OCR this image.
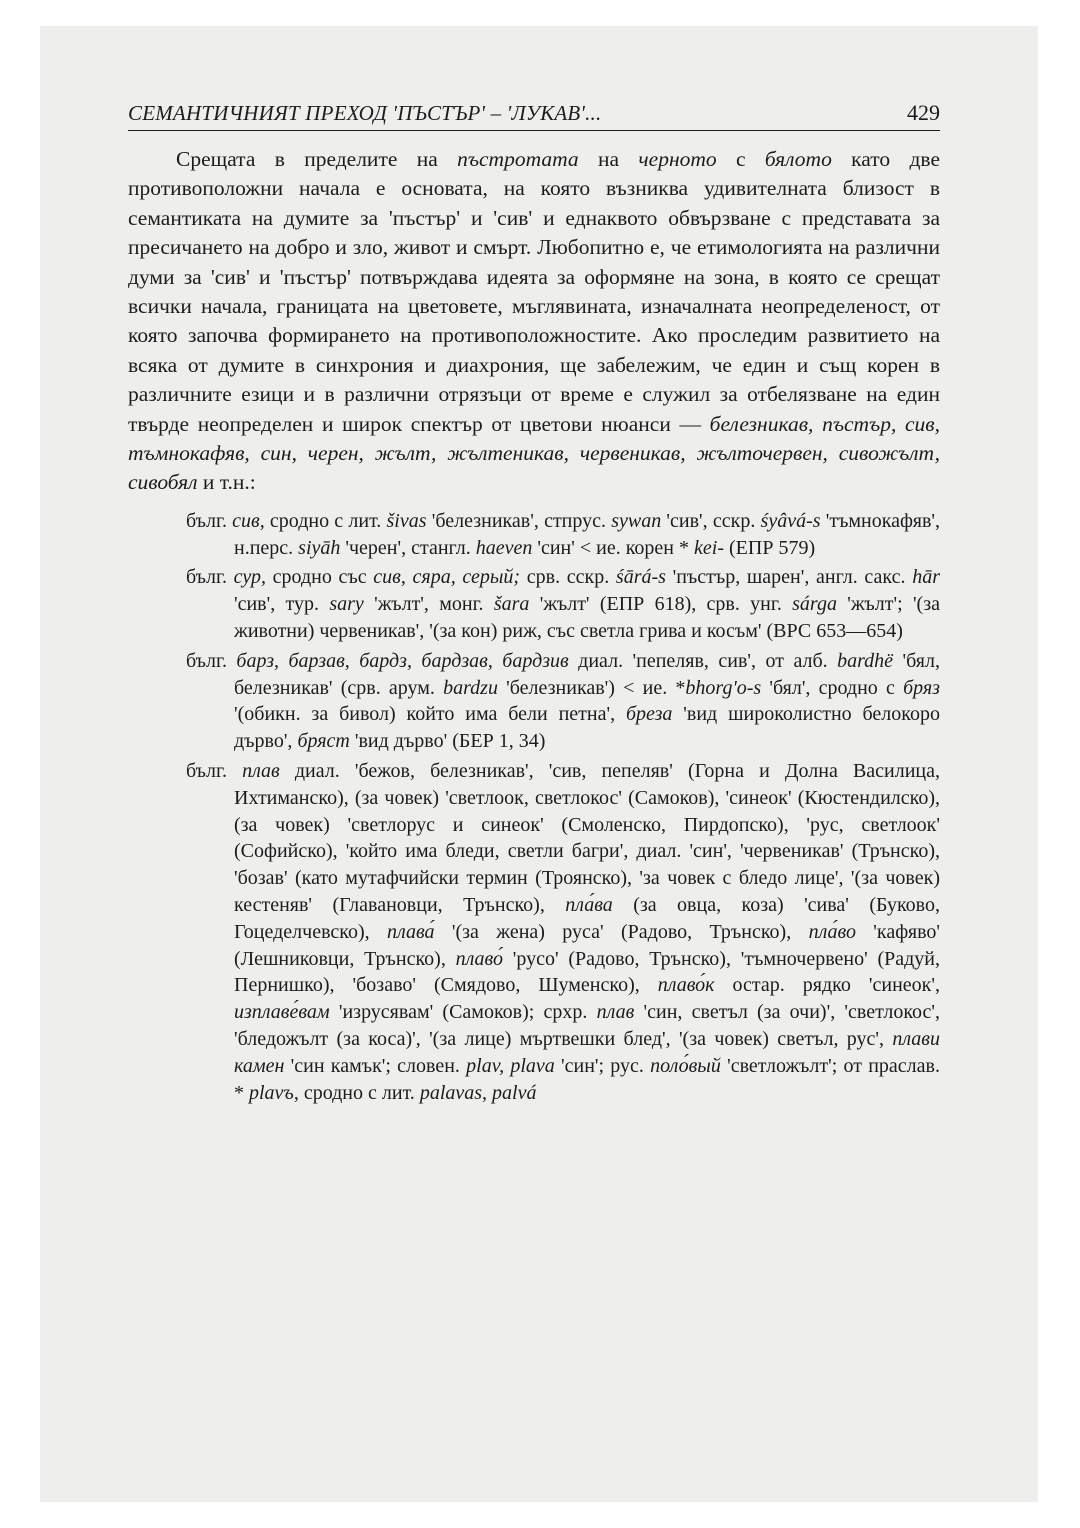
СЕМАНТИЧНИЯТ ПРЕХОД 'ПЪСТЪР' – 'ЛУКАВ'...	429

Срещата в пределите на пъстротата на черното с бялото като две противоположни начала е основата, на която възниква удивителната близост в семантиката на думите за 'пъстър' и 'сив' и еднаквото обвързване с представата за пресичането на добро и зло, живот и смърт. Любопитно е, че етимологията на различни думи за 'сив' и 'пъстър' потвърждава идеята за оформяне на зона, в която се срещат всички начала, границата на цветовете, мъглявината, изначалната неопределеност, от която започва формирането на противоположностите. Ако проследим развитието на всяка от думите в синхрония и диахрония, ще забележим, че един и същ корен в различните езици и в различни отрязъци от време е служил за отбелязване на един твърде неопределен и широк спектър от цветови нюанси — белезникав, пъстър, сив, тъмнокафяв, син, черен, жълт, жълтеникав, червеникав, жълточервен, сивожълт, сивобял и т.н.:

бълг. сив, сродно с лит. šivas 'белезникав', стпрус. sywan 'сив', сскр. śyâvá-s 'тъмнокафяв', н.перс. siyāh 'черен', стангл. haeven 'син' < ие. корен * kei- (ЕПР 579)

бълг. сур, сродно със сив, сяра, серый; срв. сскр. śārá-s 'пъстър, шарен', англ. сакс. hār 'сив', тур. sary 'жълт', монг. šara 'жълт' (ЕПР 618), срв. унг. sárga 'жълт'; '(за животни) червеникав', '(за кон) риж, със светла грива и косъм' (ВРС 653—654)

бълг. барз, барзав, бардз, бардзав, бардзив диал. 'пепеляв, сив', от алб. bardhë 'бял, белезникав' (срв. арум. bardzu 'белезникав') < ие. *bhorg'o-s 'бял', сродно с бряз '(обикн. за бивол) който има бели петна', бреза 'вид широколистно белокоро дърво', бряст 'вид дърво' (БЕР 1, 34)

бълг. плав диал. 'бежов, белезникав', 'сив, пепеляв' (Горна и Долна Василица, Ихтиманско), (за човек) 'светлоок, светлокос' (Самоков), 'синеок' (Кюстендилско), (за човек) 'светлорус и синеок' (Смоленско, Пирдопско), 'рус, светлоок' (Софийско), 'който има бледи, светли багри', диал. 'син', 'червеникав' (Трънско), 'бозав' (като мутафчийски термин (Троянско), 'за човек с бледо лице', '(за човек) кестеняв' (Главановци, Трънско), пла́ва (за овца, коза) 'сива' (Буково, Гоцеделчевско), плава́ '(за жена) руса' (Радово, Трънско), пла́во 'кафяво' (Лешниковци, Трънско), плаво́ 'русо' (Радово, Трънско), 'тъмночервено' (Радуй, Пернишко), 'бозаво' (Смядово, Шуменско), плаво́к остар. рядко 'синеок', изплаве́вам 'изрусявам' (Самоков); срхр. плав 'син, светъл (за очи)', 'светлокос', 'бледожълт (за коса)', '(за лице) мъртвешки блед', '(за човек) светъл, рус', плави камен 'син камък'; словен. plav, plava 'син'; рус. поло́вый 'светложълт'; от праслав. * plavъ, сродно с лит. palavas, palvá
